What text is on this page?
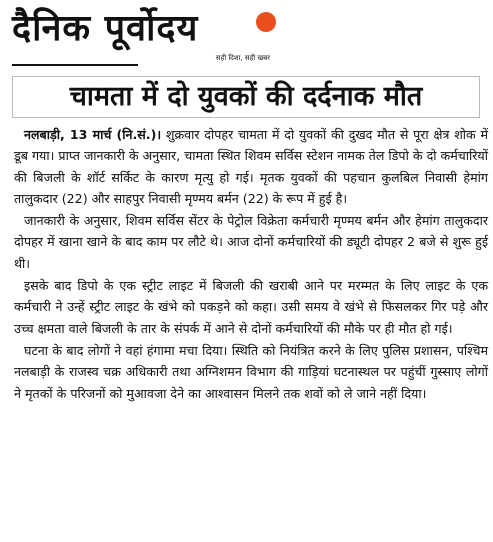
दैनिक पूर्वोदय
सही दिशा, सही खबर
चामता में दो युवकों की दर्दनाक मौत

नलबाड़ी, 13 मार्च (नि.सं.)। शुक्रवार दोपहर चामता में दो युवकों की दुखद मौत से पूरा क्षेत्र शोक में डूब गया। प्राप्त जानकारी के अनुसार, चामता स्थित शिवम सर्विस स्टेशन नामक तेल डिपो के दो कर्मचारियों की बिजली के शॉर्ट सर्किट के कारण मृत्यु हो गई। मृतक युवकों की पहचान कुलबिल निवासी हेमांग तालुकदार (22) और साहपुर निवासी मृण्मय बर्मन (22) के रूप में हुई है।

जानकारी के अनुसार, शिवम सर्विस सेंटर के पेट्रोल विक्रेता कर्मचारी मृण्मय बर्मन और हेमांग तालुकदार दोपहर में खाना खाने के बाद काम पर लौटे थे। आज दोनों कर्मचारियों की ड्यूटी दोपहर 2 बजे से शुरू हुई थी।

इसके बाद डिपो के एक स्ट्रीट लाइट में बिजली की खराबी आने पर मरम्मत के लिए लाइट के एक कर्मचारी ने उन्हें स्ट्रीट लाइट के खंभे को पकड़ने को कहा। उसी समय वे खंभे से फिसलकर गिर पड़े और उच्च क्षमता वाले बिजली के तार के संपर्क में आने से दोनों कर्मचारियों की मौके पर ही मौत हो गई।

घटना के बाद लोगों ने वहां हंगामा मचा दिया। स्थिति को नियंत्रित करने के लिए पुलिस प्रशासन, पश्चिम नलबाड़ी के राजस्व चक्र अधिकारी तथा अग्निशमन विभाग की गाड़ियां घटनास्थल पर पहुंचीं गुस्साए लोगों ने मृतकों के परिजनों को मुआवजा देने का आश्वासन मिलने तक शवों को ले जाने नहीं दिया।
